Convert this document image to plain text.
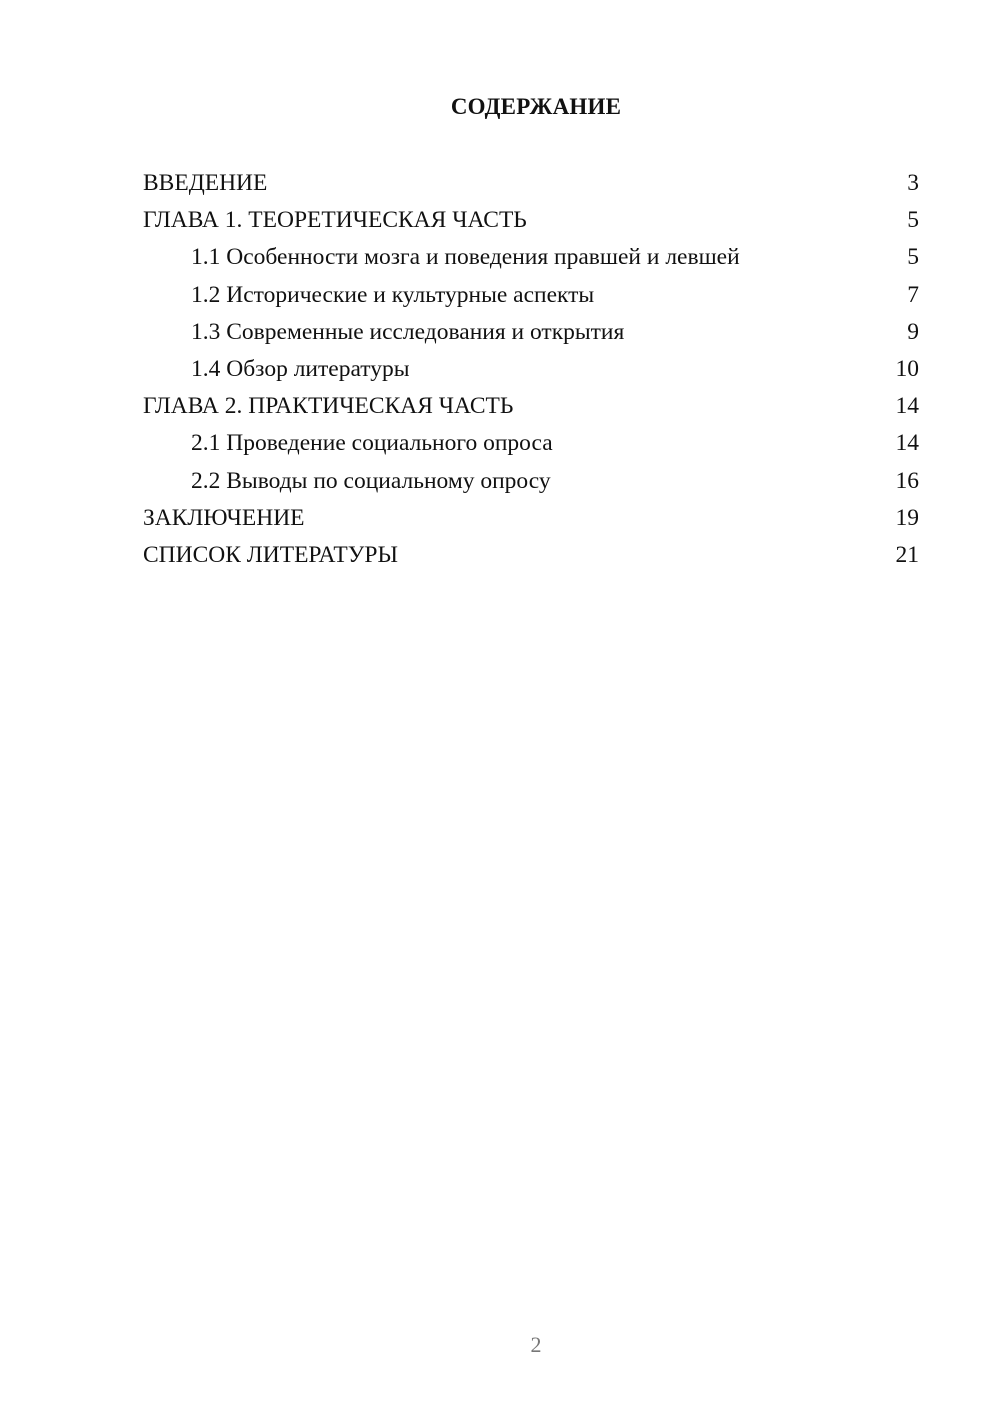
СОДЕРЖАНИЕ
ВВЕДЕНИЕ	3
ГЛАВА 1. ТЕОРЕТИЧЕСКАЯ ЧАСТЬ	5
1.1 Особенности мозга и поведения правшей и левшей	5
1.2 Исторические и культурные аспекты	7
1.3 Современные исследования и открытия	9
1.4 Обзор литературы	10
ГЛАВА 2. ПРАКТИЧЕСКАЯ ЧАСТЬ	14
2.1 Проведение социального опроса	14
2.2 Выводы по социальному опросу	16
ЗАКЛЮЧЕНИЕ	19
СПИСОК ЛИТЕРАТУРЫ	21
2
